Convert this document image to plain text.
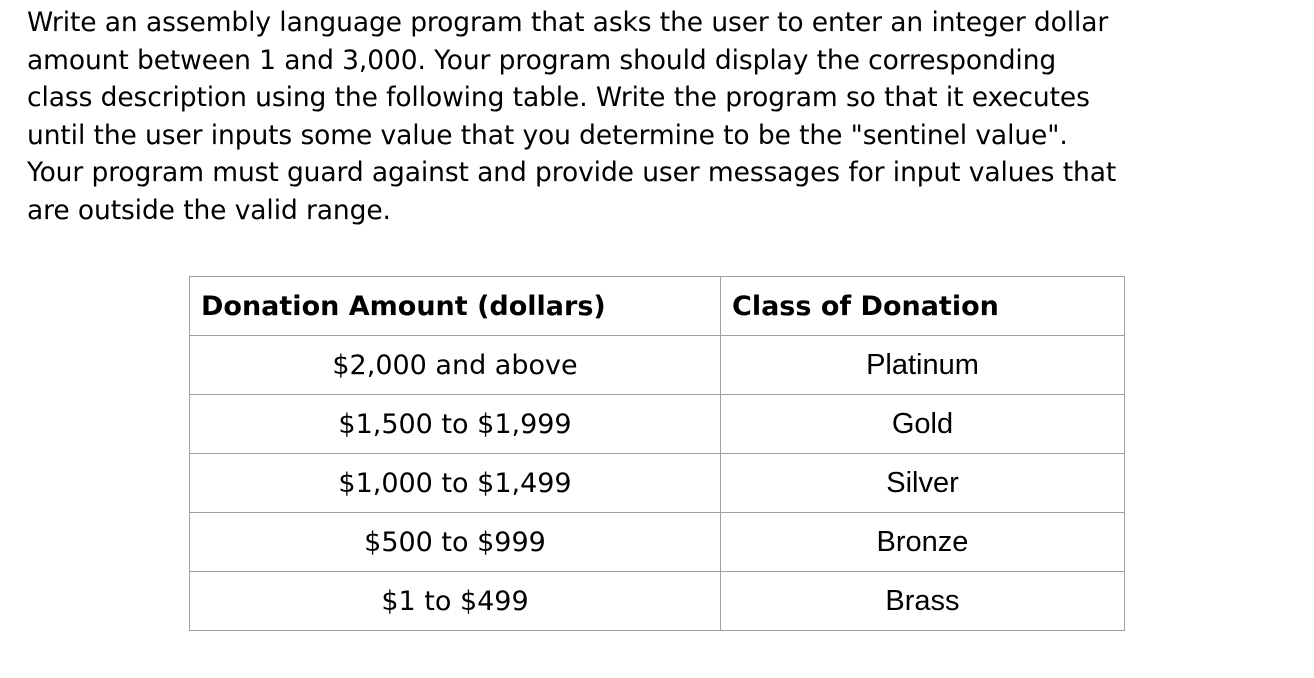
Write an assembly language program that asks the user to enter an integer dollar
amount between 1 and 3,000. Your program should display the corresponding
class description using the following table. Write the program so that it executes
until the user inputs some value that you determine to be the "sentinel value".
Your program must guard against and provide user messages for input values that
are outside the valid range.
Donation Amount (dollars)	Class of Donation
$2,000 and above	Platinum
$1,500 to $1,999	Gold
$1,000 to $1,499	Silver
$500 to $999	Bronze
$1 to $499	Brass
